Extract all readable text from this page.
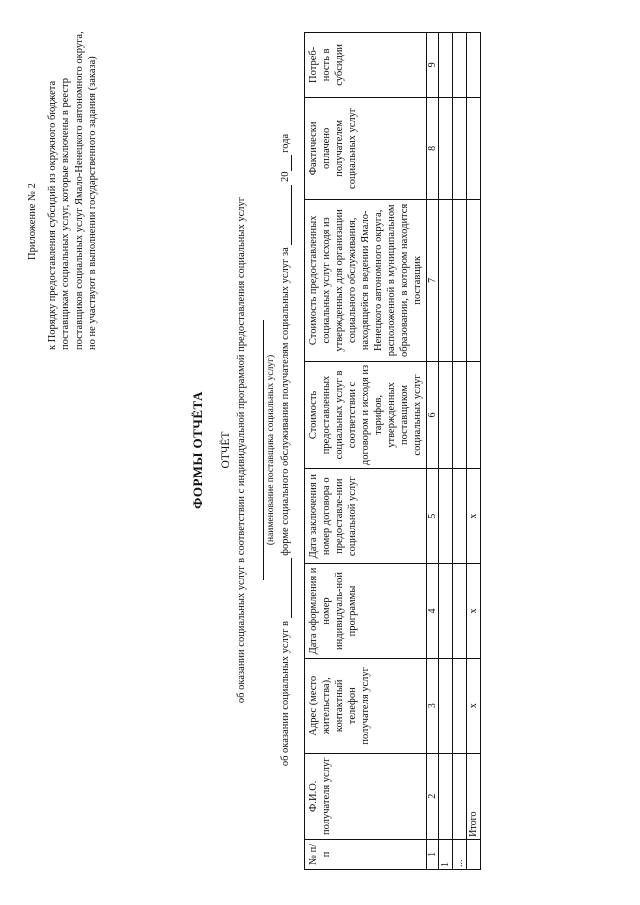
Приложение № 2 к Порядку предоставления субсидий из окружного бюджета поставщикам социальных услуг, которые включены в реестр поставщиков социальных услуг Ямало-Ненецкого автономного округа, но не участвуют в выполнении государственного задания (заказа)
ФОРМЫ ОТЧЁТА ОТЧЁТ об оказании социальных услуг в соответствии с индивидуальной программой предоставления социальных услуг
(наименование поставщика социальных услуг)
об оказании социальных услуг в   форме социального обслуживания получателям социальных услуг за   20  года
№ п/п	Ф.И.О. получателя услуг	Адрес (место жительства), контактный телефон получателя услуг	Дата оформления и номер индивидуаль-ной программы	Дата заключения и номер договора о предоставле-нии социальной услуг	Стоимость предоставленных социальных услуг в соответствии с договором и исходя из тарифов, утвержденных поставщиком социальных услуг	Стоимость предоставленных социальных услуг исходя из утвержденных для организации социального обслуживания, находящейся в ведении Ямало-Ненецкого автономного округа, расположенной в муниципальном образовании, в котором находится поставщик	Фактически оплачено получателем социальных услуг	Потреб-ность в субсидии
1	2	3	4	5	6	7	8	9
1								
...								
	Итого	х	х	х				
